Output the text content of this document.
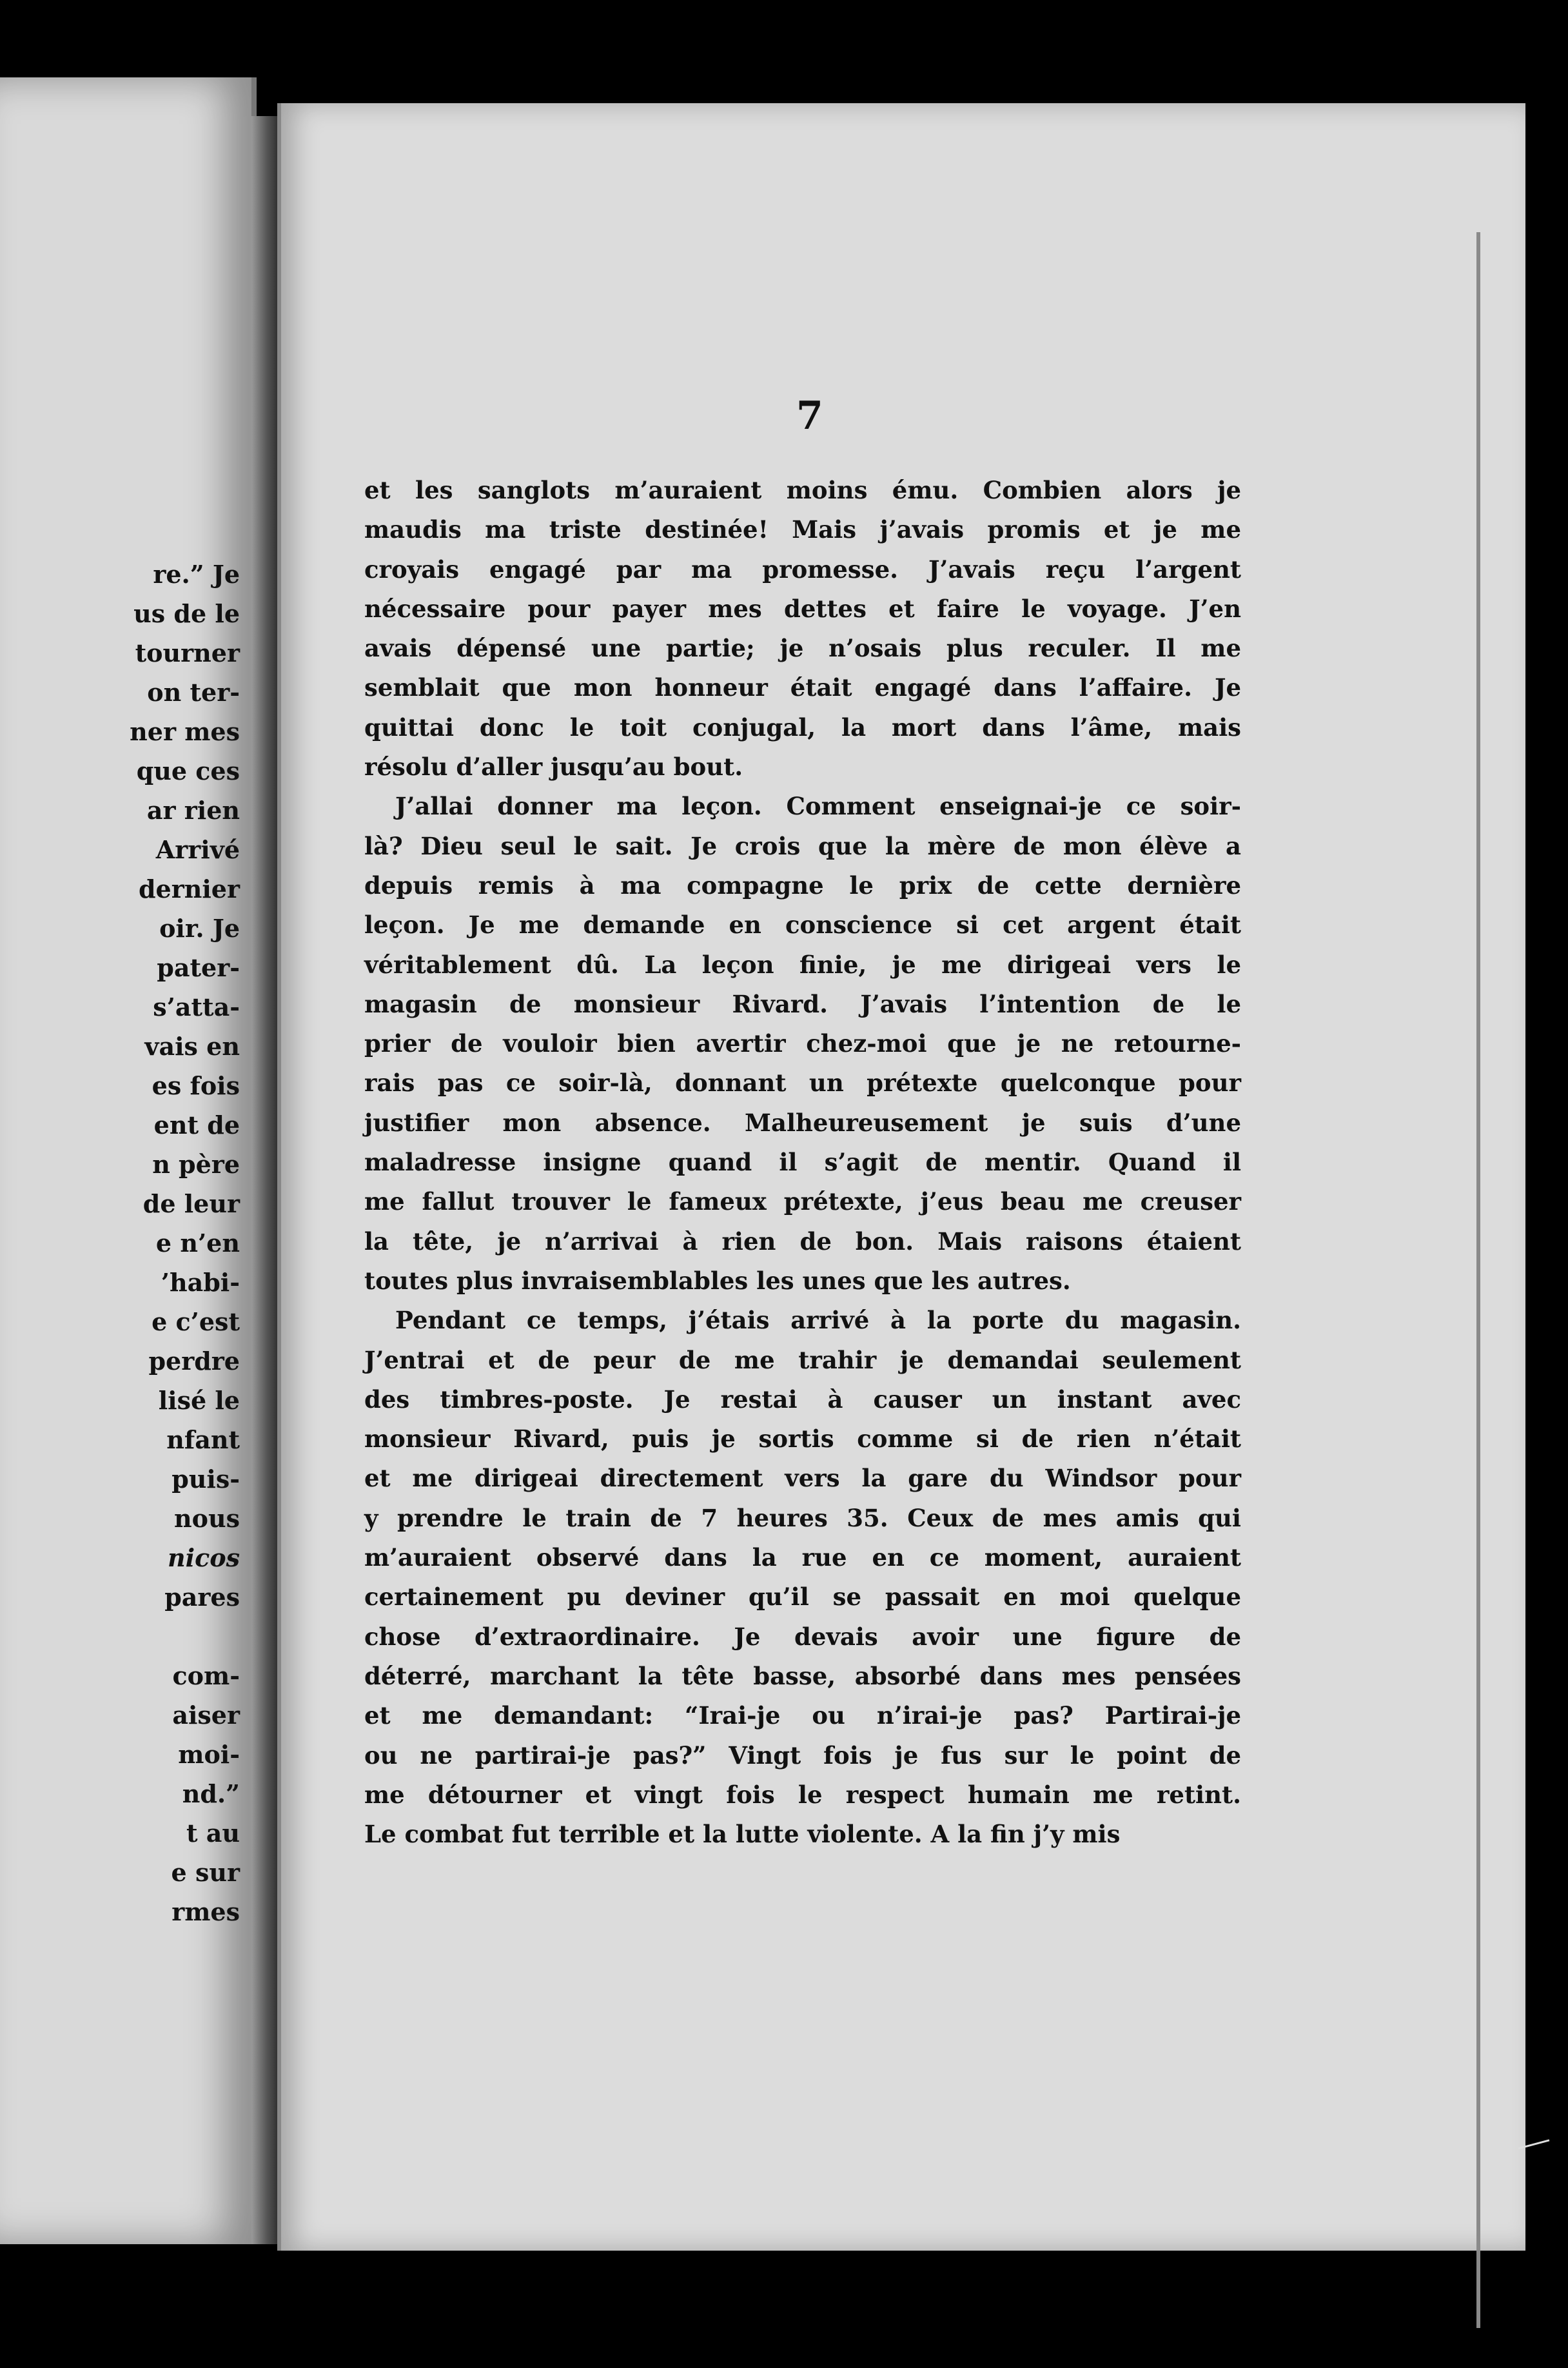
re.” Je
us de le
tourner
on ter-
ner mes
que ces
ar rien
Arrivé
dernier
oir. Je
pater-
s’atta-
vais en
es fois
ent de
n père
de leur
e n’en
’habi-
e c’est
perdre
lisé le
nfant
puis-
nous
nicos
pares
com-
aiser
moi-
nd.”
t au
e sur
rmes
7
et les sanglots m’auraient moins ému. Combien alors je
maudis ma triste destinée! Mais j’avais promis et je me
croyais engagé par ma promesse. J’avais reçu l’argent
nécessaire pour payer mes dettes et faire le voyage. J’en
avais dépensé une partie; je n’osais plus reculer. Il me
semblait que mon honneur était engagé dans l’affaire. Je
quittai donc le toit conjugal, la mort dans l’âme, mais
résolu d’aller jusqu’au bout.
J’allai donner ma leçon. Comment enseignai-je ce soir-
là? Dieu seul le sait. Je crois que la mère de mon élève a
depuis remis à ma compagne le prix de cette dernière
leçon. Je me demande en conscience si cet argent était
véritablement dû. La leçon finie, je me dirigeai vers le
magasin de monsieur Rivard. J’avais l’intention de le
prier de vouloir bien avertir chez-moi que je ne retourne-
rais pas ce soir-là, donnant un prétexte quelconque pour
justifier mon absence. Malheureusement je suis d’une
maladresse insigne quand il s’agit de mentir. Quand il
me fallut trouver le fameux prétexte, j’eus beau me creuser
la tête, je n’arrivai à rien de bon. Mais raisons étaient
toutes plus invraisemblables les unes que les autres.
Pendant ce temps, j’étais arrivé à la porte du magasin.
J’entrai et de peur de me trahir je demandai seulement
des timbres-poste. Je restai à causer un instant avec
monsieur Rivard, puis je sortis comme si de rien n’était
et me dirigeai directement vers la gare du Windsor pour
y prendre le train de 7 heures 35. Ceux de mes amis qui
m’auraient observé dans la rue en ce moment, auraient
certainement pu deviner qu’il se passait en moi quelque
chose d’extraordinaire. Je devais avoir une figure de
déterré, marchant la tête basse, absorbé dans mes pensées
et me demandant: “Irai-je ou n’irai-je pas? Partirai-je
ou ne partirai-je pas?” Vingt fois je fus sur le point de
me détourner et vingt fois le respect humain me retint.
Le combat fut terrible et la lutte violente. A la fin j’y mis
